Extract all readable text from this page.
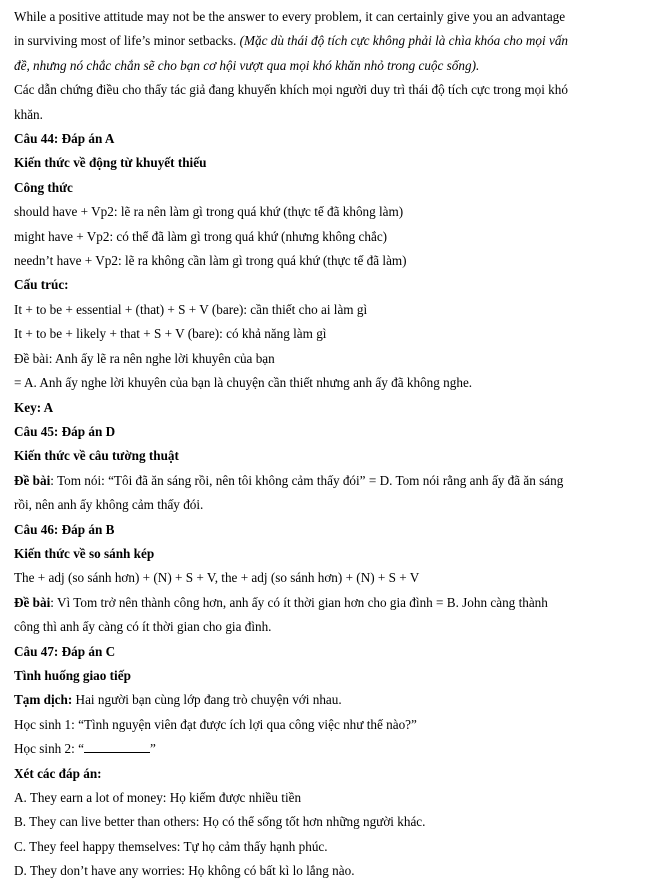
While a positive attitude may not be the answer to every problem, it can certainly give you an advantage
in surviving most of life’s minor setbacks. (Mặc dù thái độ tích cực không phải là chìa khóa cho mọi vấn
đề, nhưng nó chắc chắn sẽ cho bạn cơ hội vượt qua mọi khó khăn nhỏ trong cuộc sống).
Các dẫn chứng điều cho thấy tác giả đang khuyến khích mọi người duy trì thái độ tích cực trong mọi khó
khăn.
Câu 44: Đáp án A
Kiến thức về động từ khuyết thiếu
Công thức
should have + Vp2: lẽ ra nên làm gì trong quá khứ (thực tế đã không làm)
might have + Vp2: có thể đã làm gì trong quá khứ (nhưng không chắc)
needn’t have + Vp2: lẽ ra không cần làm gì trong quá khứ (thực tế đã làm)
Cấu trúc:
It + to be + essential + (that) + S + V (bare): cần thiết cho ai làm gì
It + to be + likely + that + S + V (bare): có khả năng làm gì
Đề bài: Anh ấy lẽ ra nên nghe lời khuyên của bạn
= A. Anh ấy nghe lời khuyên của bạn là chuyện cần thiết nhưng anh ấy đã không nghe.
Key: A
Câu 45: Đáp án D
Kiến thức về câu tường thuật
Đề bài: Tom nói: “Tôi đã ăn sáng rồi, nên tôi không cảm thấy đói” = D. Tom nói rằng anh ấy đã ăn sáng
rồi, nên anh ấy không cảm thấy đói.
Câu 46: Đáp án B
Kiến thức về so sánh kép
The + adj (so sánh hơn) + (N) + S + V, the + adj (so sánh hơn) + (N) + S + V
Đề bài: Vì Tom trở nên thành công hơn, anh ấy có ít thời gian hơn cho gia đình = B. John càng thành
công thì anh ấy càng có ít thời gian cho gia đình.
Câu 47: Đáp án C
Tình huống giao tiếp
Tạm dịch: Hai người bạn cùng lớp đang trò chuyện với nhau.
Học sinh 1: “Tình nguyện viên đạt được ích lợi qua công việc như thế nào?”
Học sinh 2: “	”
Xét các đáp án:
A. They earn a lot of money: Họ kiếm được nhiều tiền
B. They can live better than others: Họ có thể sống tốt hơn những người khác.
C. They feel happy themselves: Tự họ cảm thấy hạnh phúc.
D. They don’t have any worries: Họ không có bất kì lo lắng nào.
